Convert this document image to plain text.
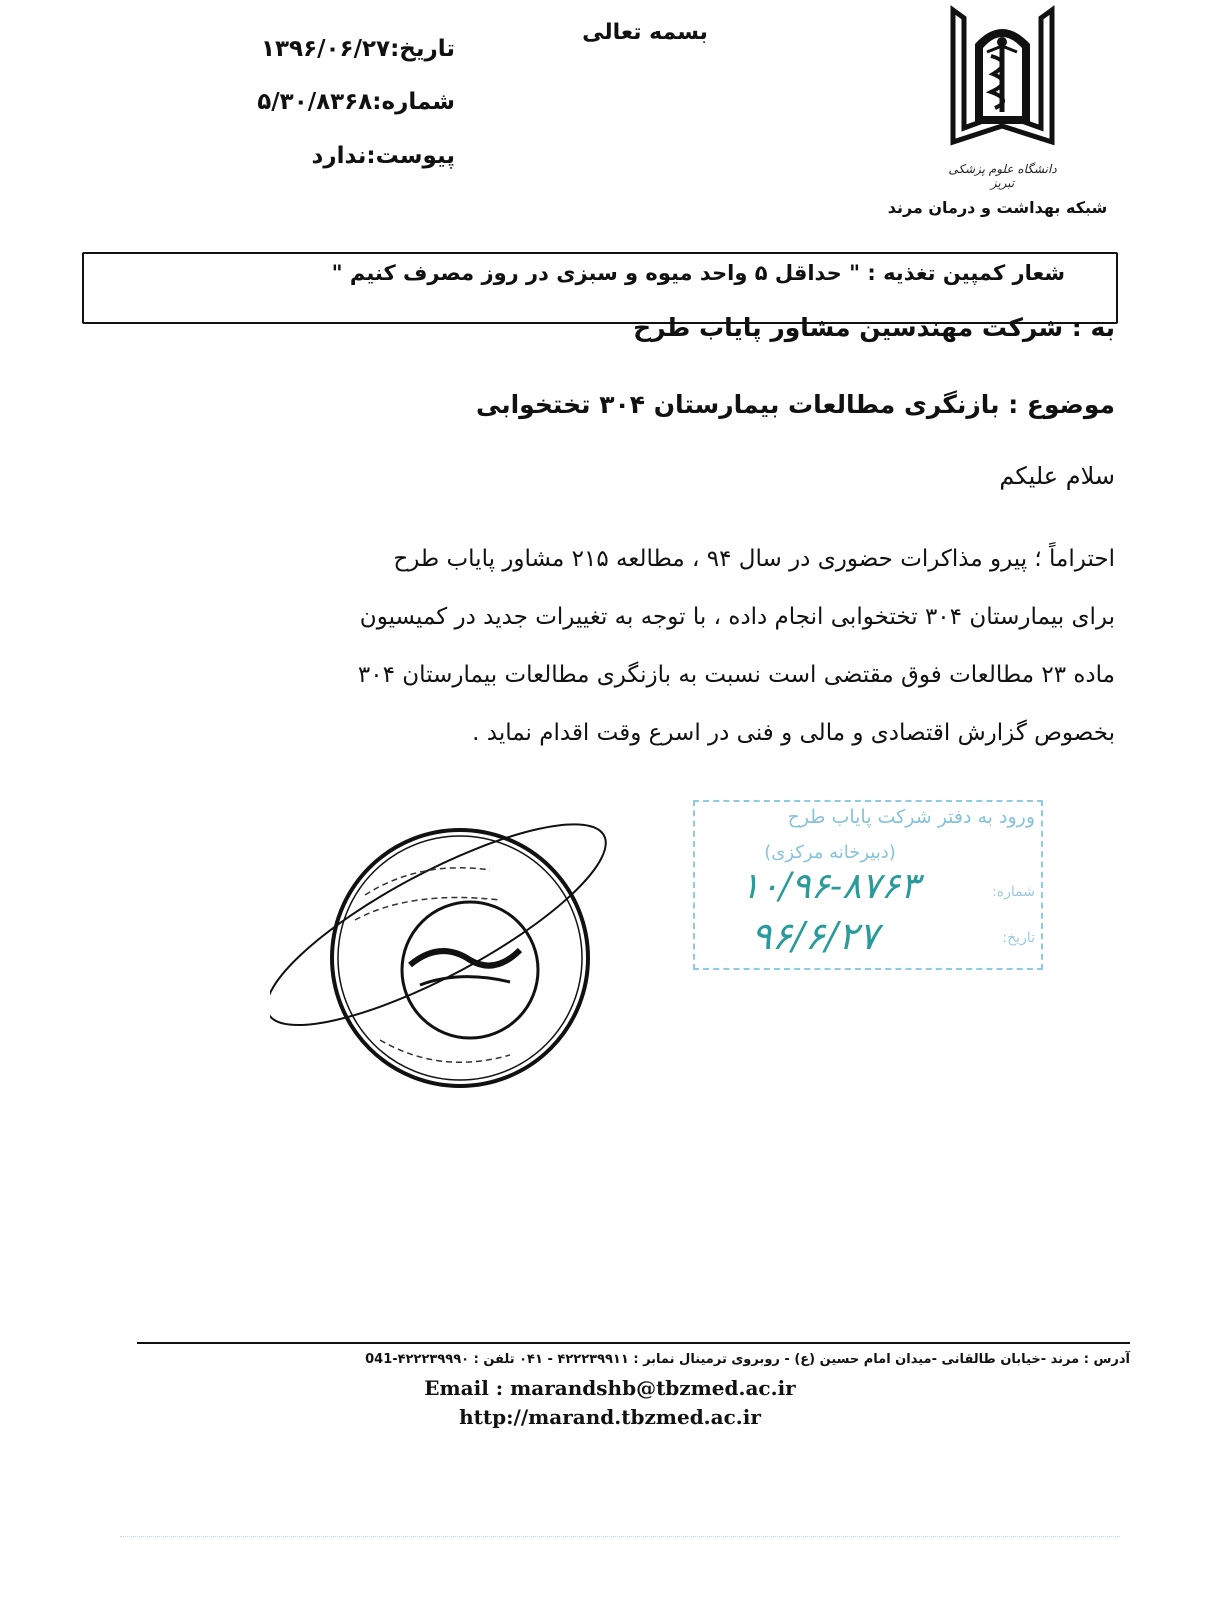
دانشگاه علوم پزشکی تبریز
شبکه بهداشت و درمان مرند
بسمه تعالی
تاریخ:۱۳۹۶/۰۶/۲۷
شماره:۵/۳۰/۸۳۶۸
پیوست:ندارد
شعار کمپین تغذیه : " حداقل ۵ واحد میوه و سبزی در روز مصرف کنیم "
به : شرکت مهندسین مشاور پایاب طرح
موضوع : بازنگری مطالعات بیمارستان ۳۰۴ تختخوابی
سلام علیکم
احتراماً ؛ پیرو مذاکرات حضوری در سال ۹۴ ، مطالعه ۲۱۵ مشاور پایاب طرح
برای بیمارستان ۳۰۴ تختخوابی انجام داده ، با توجه به تغییرات جدید در کمیسیون
ماده ۲۳ مطالعات فوق مقتضی است نسبت به بازنگری مطالعات بیمارستان ۳۰۴
بخصوص گزارش اقتصادی و مالی و فنی در اسرع وقت اقدام نماید .
ورود به دفتر شرکت پایاب طرح
(دبیرخانه مرکزی)
شماره:
تاریخ:
۱۰/۹۶-۸۷۶۳
۹۶/۶/۲۷
آدرس : مرند -خیابان طالقانی -میدان امام حسین (ع) - روبروی ترمینال نمابر : ۴۲۲۲۳۹۹۱۱ - ۰۴۱ تلفن : ۴۲۲۲۳۹۹۹۰-041
Email : marandshb@tbzmed.ac.ir
http://marand.tbzmed.ac.ir
